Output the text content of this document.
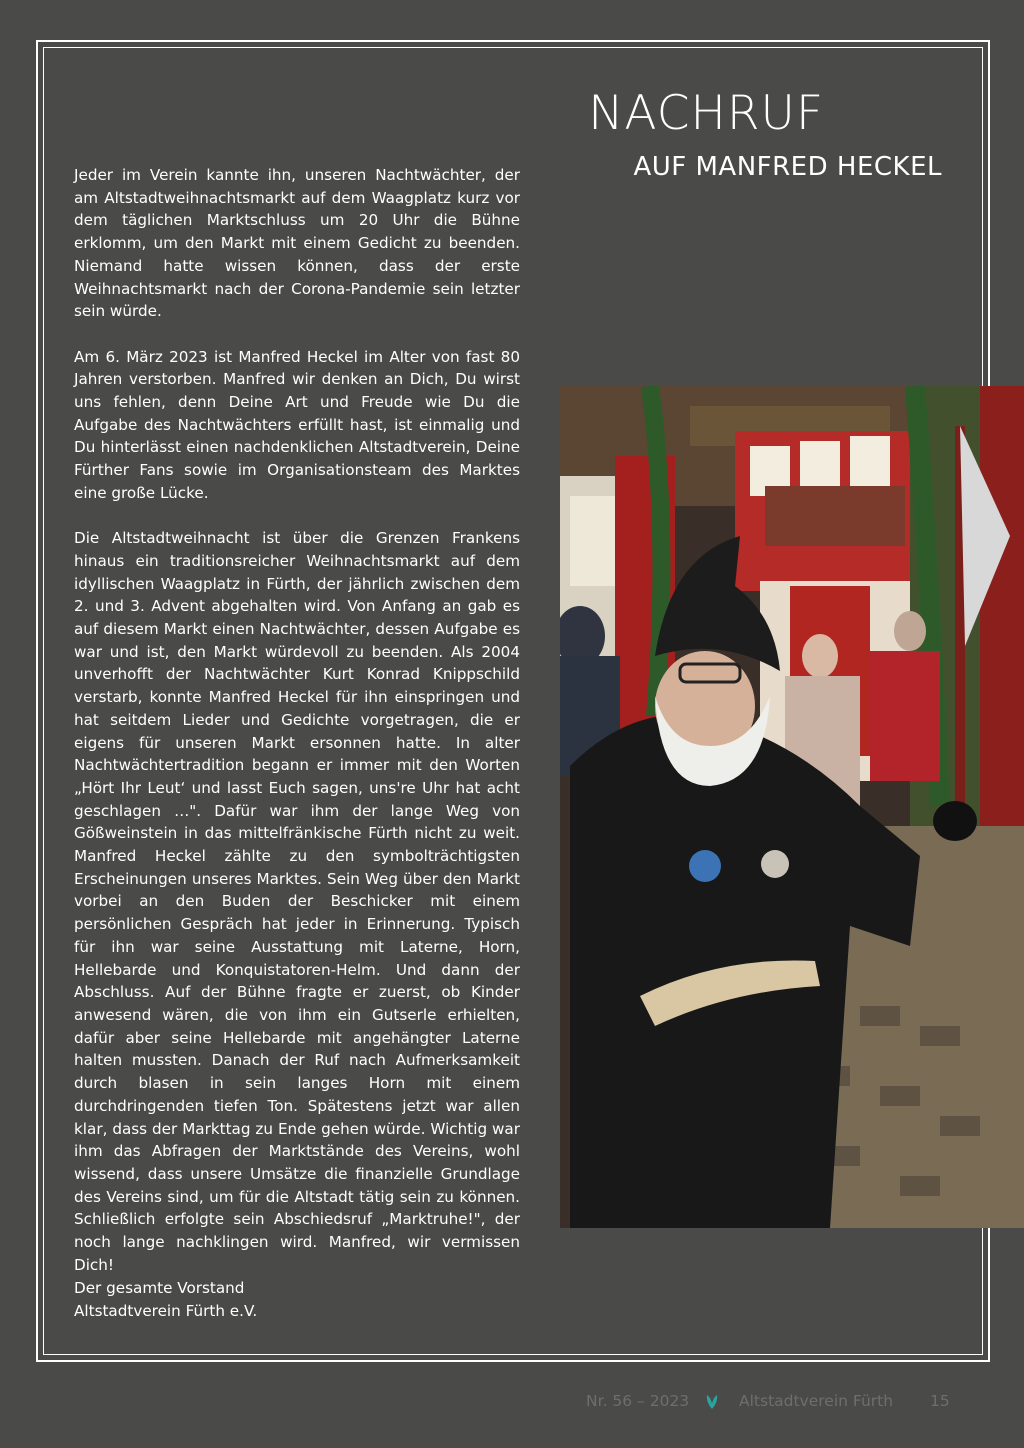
NACHRUF
AUF MANFRED HECKEL

Jeder im Verein kannte ihn, unseren Nachtwächter, der am Altstadtweihnachtsmarkt auf dem Waagplatz kurz vor dem täglichen Marktschluss um 20 Uhr die Bühne erklomm, um den Markt mit einem Gedicht zu beenden. Niemand hatte wissen können, dass der erste Weihnachtsmarkt nach der Corona-Pandemie sein letzter sein würde.

Am 6. März 2023 ist Manfred Heckel im Alter von fast 80 Jahren verstorben. Manfred wir denken an Dich, Du wirst uns fehlen, denn Deine Art und Freude wie Du die Aufgabe des Nachtwächters erfüllt hast, ist einmalig und Du hinterlässt einen nachdenklichen Altstadtverein, Deine Fürther Fans sowie im Organisationsteam des Marktes eine große Lücke.

Die Altstadtweihnacht ist über die Grenzen Frankens hinaus ein traditionsreicher Weihnachtsmarkt auf dem idyllischen Waagplatz in Fürth, der jährlich zwischen dem 2. und 3. Advent abgehalten wird. Von Anfang an gab es auf diesem Markt einen Nachtwächter, dessen Aufgabe es war und ist, den Markt würdevoll zu beenden. Als 2004 unverhofft der Nachtwächter Kurt Konrad Knippschild verstarb, konnte Manfred Heckel für ihn einspringen und hat seitdem Lieder und Gedichte vorgetragen, die er eigens für unseren Markt ersonnen hatte. In alter Nachtwächtertradition begann er immer mit den Worten „Hört Ihr Leut‘ und lasst Euch sagen, uns're Uhr hat acht geschlagen …". Dafür war ihm der lange Weg von Gößweinstein in das mittelfränkische Fürth nicht zu weit. Manfred Heckel zählte zu den symbolträchtigsten Erscheinungen unseres Marktes. Sein Weg über den Markt vorbei an den Buden der Beschicker mit einem persönlichen Gespräch hat jeder in Erinnerung. Typisch für ihn war seine Ausstattung mit Laterne, Horn, Hellebarde und Konquistatoren-Helm. Und dann der Abschluss. Auf der Bühne fragte er zuerst, ob Kinder anwesend wären, die von ihm ein Gutserle erhielten, dafür aber seine Hellebarde mit angehängter Laterne halten mussten. Danach der Ruf nach Aufmerksamkeit durch blasen in sein langes Horn mit einem durchdringenden tiefen Ton. Spätestens jetzt war allen klar, dass der Markttag zu Ende gehen würde. Wichtig war ihm das Abfragen der Marktstände des Vereins, wohl wissend, dass unsere Umsätze die finanzielle Grundlage des Vereins sind, um für die Altstadt tätig sein zu können. Schließlich erfolgte sein Abschiedsruf „Marktruhe!", der noch lange nachklingen wird. Manfred, wir vermissen Dich!

Der gesamte Vorstand
Altstadtverein Fürth e.V.
Nr. 56 – 2023	Altstadtverein Fürth 15
